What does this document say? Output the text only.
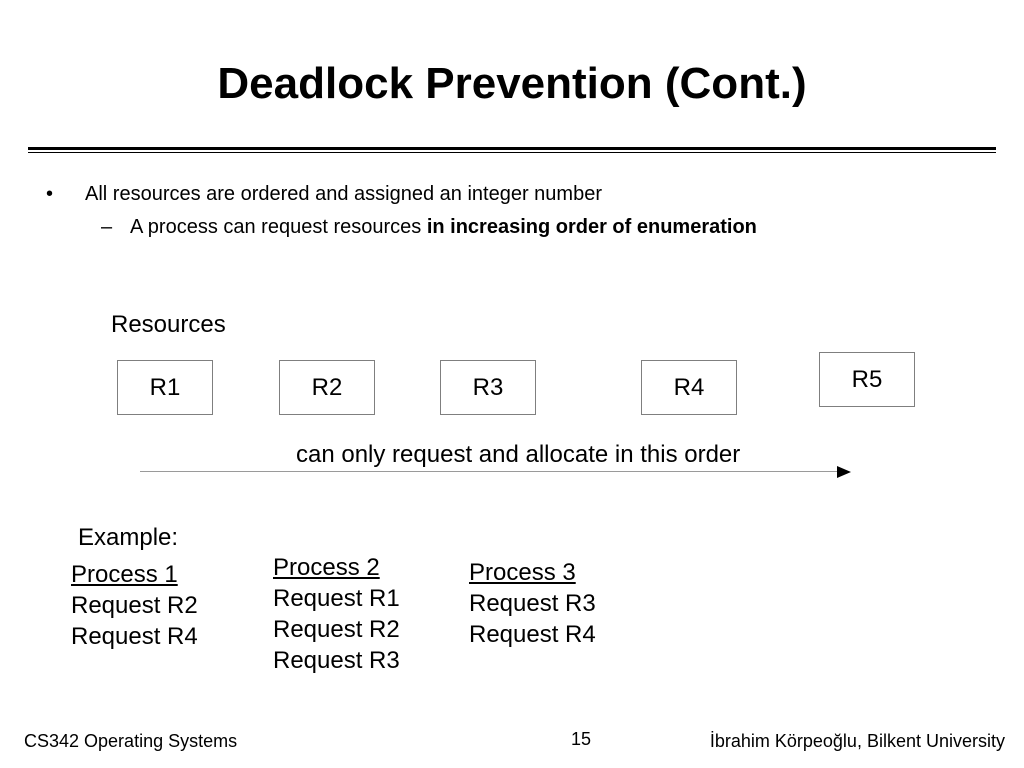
Deadlock Prevention (Cont.)
• All resources are ordered and assigned an integer number
– A process can request resources in increasing order of enumeration
Resources
R1	R2	R3	R4	R5
can only request and allocate in this order
Example:
Process 1
Request R2
Request R4
Process 2
Request R1
Request R2
Request R3
Process 3
Request R3
Request R4
CS342 Operating Systems	15	İbrahim Körpeoğlu, Bilkent University
